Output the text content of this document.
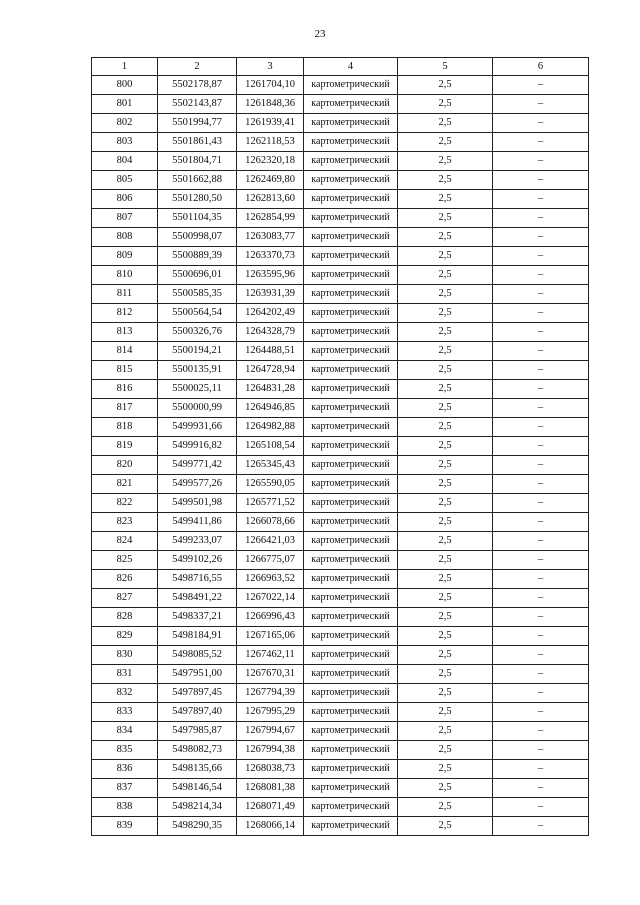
23
1	2	3	4	5	6
800	5502178,87	1261704,10	картометрический	2,5	–
801	5502143,87	1261848,36	картометрический	2,5	–
802	5501994,77	1261939,41	картометрический	2,5	–
803	5501861,43	1262118,53	картометрический	2,5	–
804	5501804,71	1262320,18	картометрический	2,5	–
805	5501662,88	1262469,80	картометрический	2,5	–
806	5501280,50	1262813,60	картометрический	2,5	–
807	5501104,35	1262854,99	картометрический	2,5	–
808	5500998,07	1263083,77	картометрический	2,5	–
809	5500889,39	1263370,73	картометрический	2,5	–
810	5500696,01	1263595,96	картометрический	2,5	–
811	5500585,35	1263931,39	картометрический	2,5	–
812	5500564,54	1264202,49	картометрический	2,5	–
813	5500326,76	1264328,79	картометрический	2,5	–
814	5500194,21	1264488,51	картометрический	2,5	–
815	5500135,91	1264728,94	картометрический	2,5	–
816	5500025,11	1264831,28	картометрический	2,5	–
817	5500000,99	1264946,85	картометрический	2,5	–
818	5499931,66	1264982,88	картометрический	2,5	–
819	5499916,82	1265108,54	картометрический	2,5	–
820	5499771,42	1265345,43	картометрический	2,5	–
821	5499577,26	1265590,05	картометрический	2,5	–
822	5499501,98	1265771,52	картометрический	2,5	–
823	5499411,86	1266078,66	картометрический	2,5	–
824	5499233,07	1266421,03	картометрический	2,5	–
825	5499102,26	1266775,07	картометрический	2,5	–
826	5498716,55	1266963,52	картометрический	2,5	–
827	5498491,22	1267022,14	картометрический	2,5	–
828	5498337,21	1266996,43	картометрический	2,5	–
829	5498184,91	1267165,06	картометрический	2,5	–
830	5498085,52	1267462,11	картометрический	2,5	–
831	5497951,00	1267670,31	картометрический	2,5	–
832	5497897,45	1267794,39	картометрический	2,5	–
833	5497897,40	1267995,29	картометрический	2,5	–
834	5497985,87	1267994,67	картометрический	2,5	–
835	5498082,73	1267994,38	картометрический	2,5	–
836	5498135,66	1268038,73	картометрический	2,5	–
837	5498146,54	1268081,38	картометрический	2,5	–
838	5498214,34	1268071,49	картометрический	2,5	–
839	5498290,35	1268066,14	картометрический	2,5	–
